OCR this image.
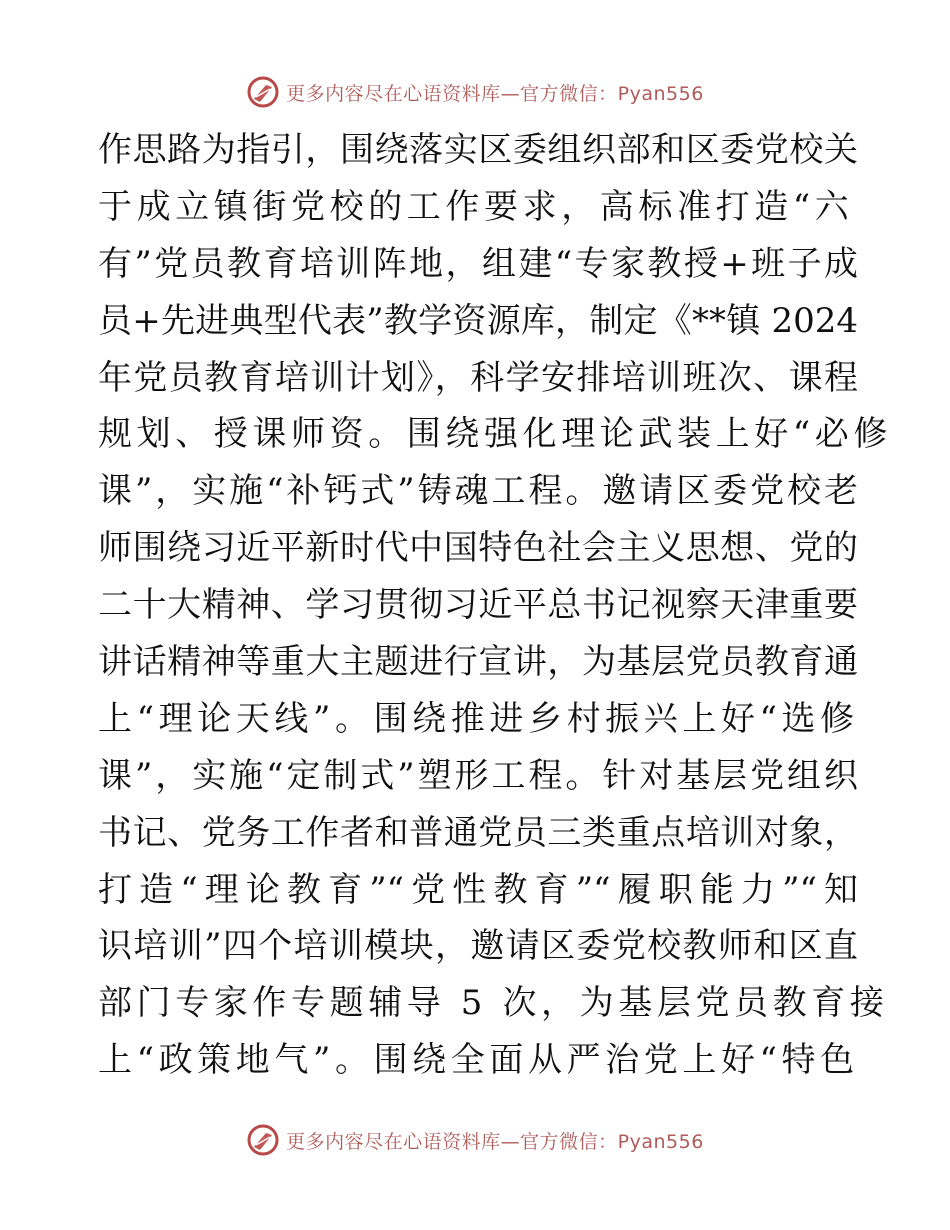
更多内容尽在心语资料库—官方微信：Pyan556
作思路为指引，围绕落实区委组织部和区委党校关
于成立镇街党校的工作要求，高标准打造“六
有”党员教育培训阵地，组建“专家教授+班子成
员+先进典型代表”教学资源库，制定《**镇 2024
年党员教育培训计划》，科学安排培训班次、课程
规划、授课师资。围绕强化理论武装上好“必修
课”，实施“补钙式”铸魂工程。邀请区委党校老
师围绕习近平新时代中国特色社会主义思想、党的
二十大精神、学习贯彻习近平总书记视察天津重要
讲话精神等重大主题进行宣讲，为基层党员教育通
上“理论天线”。围绕推进乡村振兴上好“选修
课”，实施“定制式”塑形工程。针对基层党组织
书记、党务工作者和普通党员三类重点培训对象，
打造“理论教育”“党性教育”“履职能力”“知
识培训”四个培训模块，邀请区委党校教师和区直
部门专家作专题辅导 5 次，为基层党员教育接
上“政策地气”。围绕全面从严治党上好“特色
更多内容尽在心语资料库—官方微信：Pyan556
